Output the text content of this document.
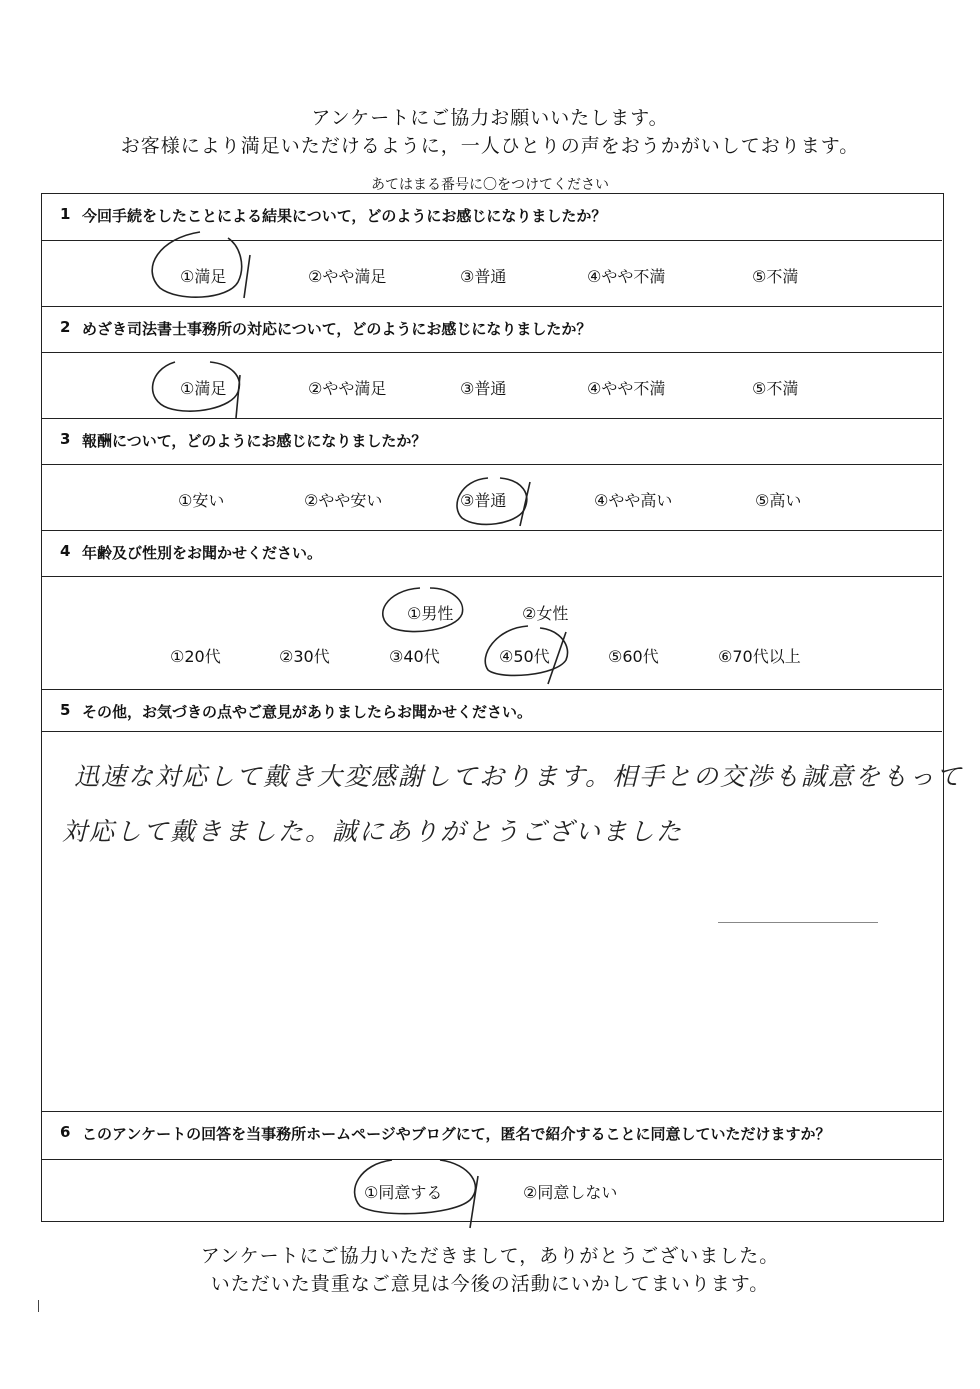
アンケートにご協力お願いいたします。
お客様により満足いただけるように，一人ひとりの声をおうかがいしております。
あてはまる番号に〇をつけてください
1 今回手続をしたことによる結果について，どのようにお感じになりましたか？
①満足	②やや満足	③普通	④やや不満	⑤不満
2 めざき司法書士事務所の対応について，どのようにお感じになりましたか？
①満足	②やや満足	③普通	④やや不満	⑤不満
3 報酬について，どのようにお感じになりましたか？
①安い	②やや安い	③普通	④やや高い	⑤高い
4 年齢及び性別をお聞かせください。
①男性	②女性
①20代	②30代	③40代	④50代	⑤60代	⑥70代以上
5 その他，お気づきの点やご意見がありましたらお聞かせください。
迅速な対応して戴き大変感謝しております。相手との交渉も誠意をもって
対応して戴きました。誠にありがとうございました
6 このアンケートの回答を当事務所ホームページやブログにて，匿名で紹介することに同意していただけますか？
①同意する	②同意しない
アンケートにご協力いただきまして，ありがとうございました。
いただいた貴重なご意見は今後の活動にいかしてまいります。
